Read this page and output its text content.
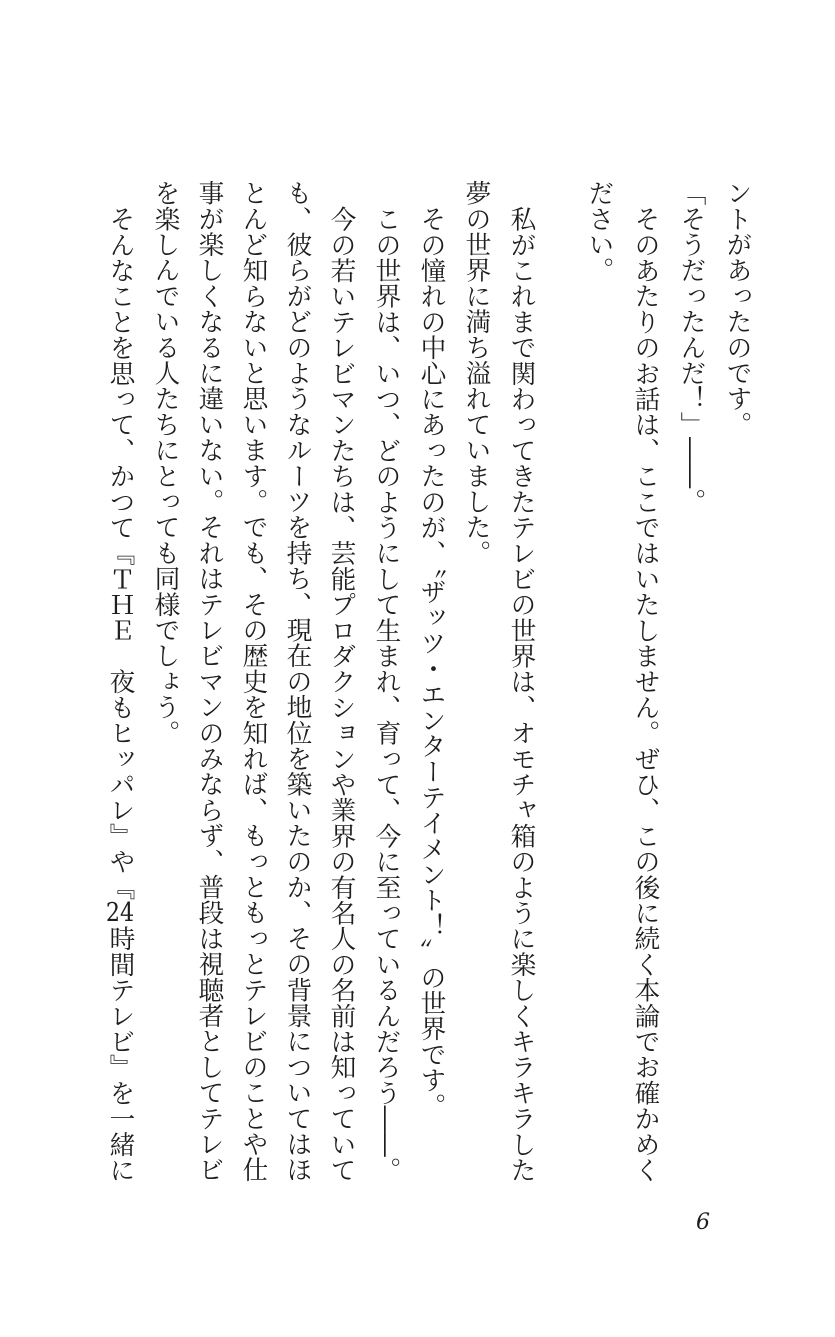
ントがあったのです。
「そうだったんだ！」――。
そのあたりのお話は、ここではいたしません。ぜひ、この後に続く本論でお確かめく
ださい。
私がこれまで関わってきたテレビの世界は、オモチャ箱のように楽しくキラキラした
夢の世界に満ち溢れていました。
その憧れの中心にあったのが、〝ザッツ・エンターテイメント！〟の世界です。
この世界は、いつ、どのようにして生まれ、育って、今に至っているんだろう――。
今の若いテレビマンたちは、芸能プロダクションや業界の有名人の名前は知っていて
も、彼らがどのようなルーツを持ち、現在の地位を築いたのか、その背景についてはほ
とんど知らないと思います。でも、その歴史を知れば、もっともっとテレビのことや仕
事が楽しくなるに違いない。それはテレビマンのみならず、普段は視聴者としてテレビ
を楽しんでいる人たちにとっても同様でしょう。
そんなことを思って、かつて『ＴＨＥ　夜もヒッパレ』や『24時間テレビ』を一緒に
6
